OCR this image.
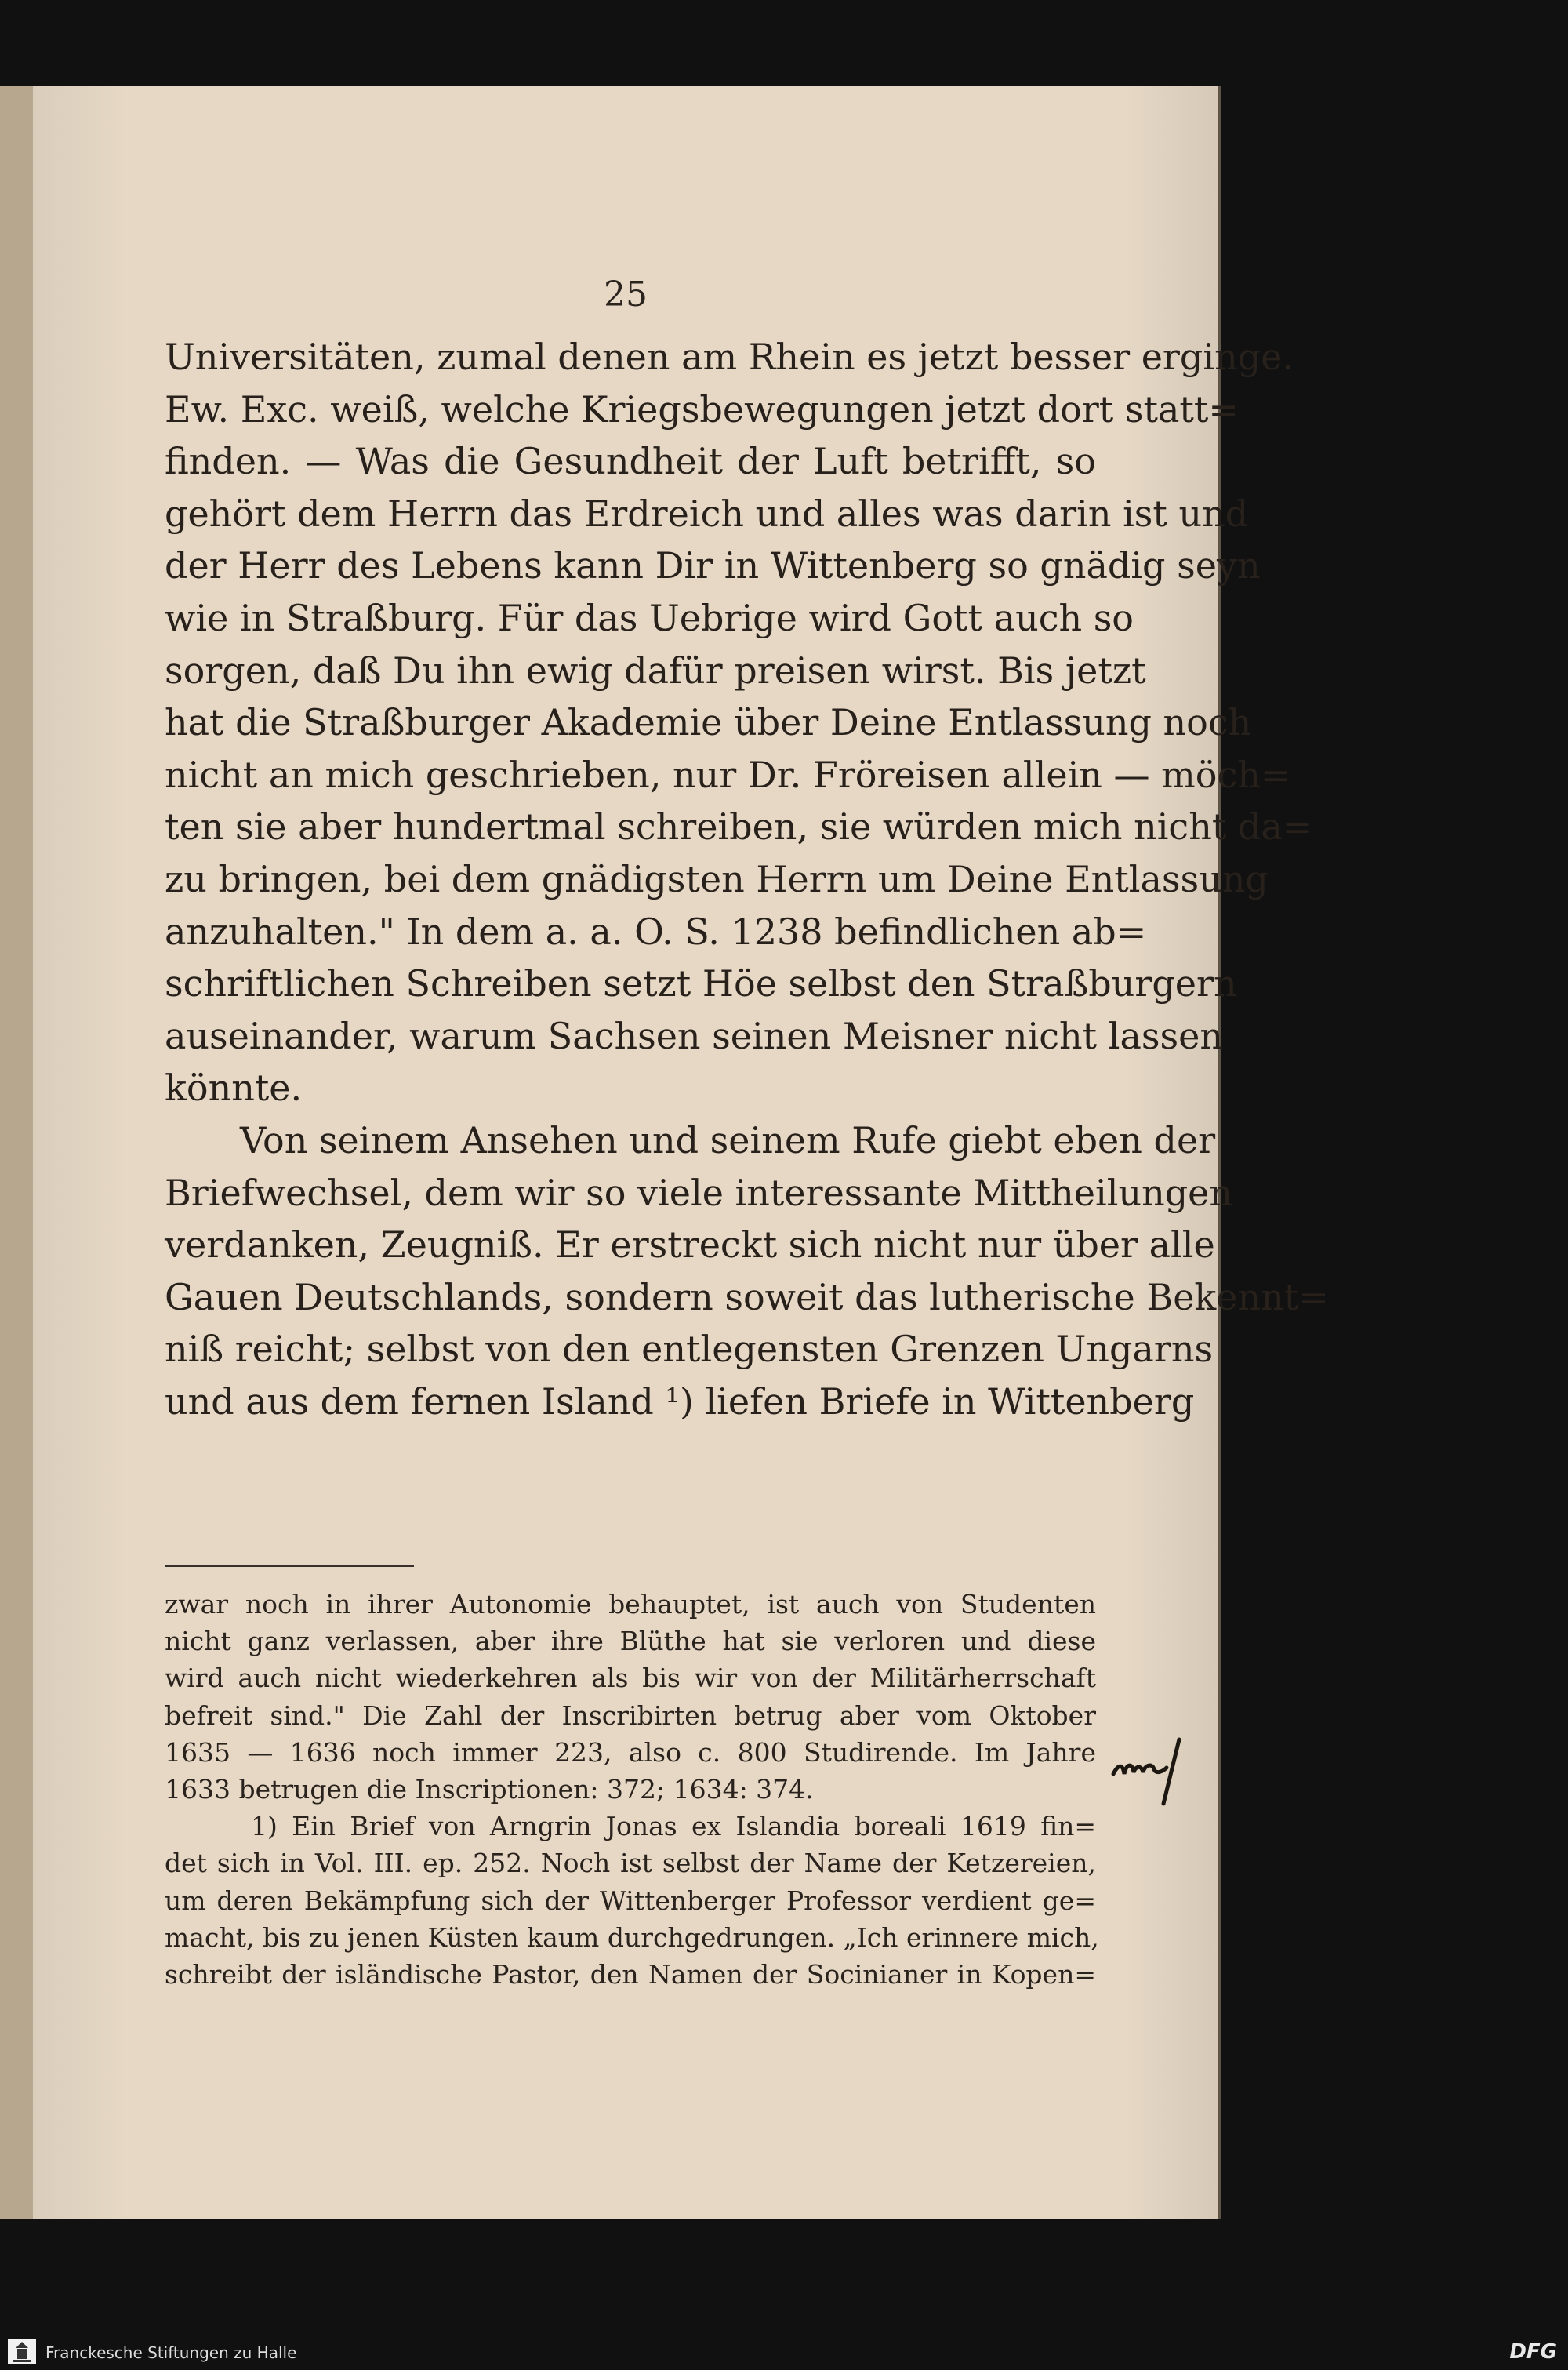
25
Universitäten, zumal denen am Rhein es jetzt besser erginge.
Ew. Exc. weiß, welche Kriegsbewegungen jetzt dort statt=
finden. — Was die Gesundheit der Luft betrifft, so
gehört dem Herrn das Erdreich und alles was darin ist und
der Herr des Lebens kann Dir in Wittenberg so gnädig seyn
wie in Straßburg. Für das Uebrige wird Gott auch so
sorgen, daß Du ihn ewig dafür preisen wirst. Bis jetzt
hat die Straßburger Akademie über Deine Entlassung noch
nicht an mich geschrieben, nur Dr. Fröreisen allein — möch=
ten sie aber hundertmal schreiben, sie würden mich nicht da=
zu bringen, bei dem gnädigsten Herrn um Deine Entlassung
anzuhalten." In dem a. a. O. S. 1238 befindlichen ab=
schriftlichen Schreiben setzt Höe selbst den Straßburgern
auseinander, warum Sachsen seinen Meisner nicht lassen
könnte.
Von seinem Ansehen und seinem Rufe giebt eben der
Briefwechsel, dem wir so viele interessante Mittheilungen
verdanken, Zeugniß. Er erstreckt sich nicht nur über alle
Gauen Deutschlands, sondern soweit das lutherische Bekennt=
niß reicht; selbst von den entlegensten Grenzen Ungarns
und aus dem fernen Island ¹) liefen Briefe in Wittenberg
zwar noch in ihrer Autonomie behauptet, ist auch von Studenten
nicht ganz verlassen, aber ihre Blüthe hat sie verloren und diese
wird auch nicht wiederkehren als bis wir von der Militärherrschaft
befreit sind." Die Zahl der Inscribirten betrug aber vom Oktober
1635 — 1636 noch immer 223, also c. 800 Studirende. Im Jahre
1633 betrugen die Inscriptionen: 372; 1634: 374.
1) Ein Brief von Arngrin Jonas ex Islandia boreali 1619 fin=
det sich in Vol. III. ep. 252. Noch ist selbst der Name der Ketzereien,
um deren Bekämpfung sich der Wittenberger Professor verdient ge=
macht, bis zu jenen Küsten kaum durchgedrungen. „Ich erinnere mich,
schreibt der isländische Pastor, den Namen der Socinianer in Kopen=
Franckesche Stiftungen zu Halle	DFG
